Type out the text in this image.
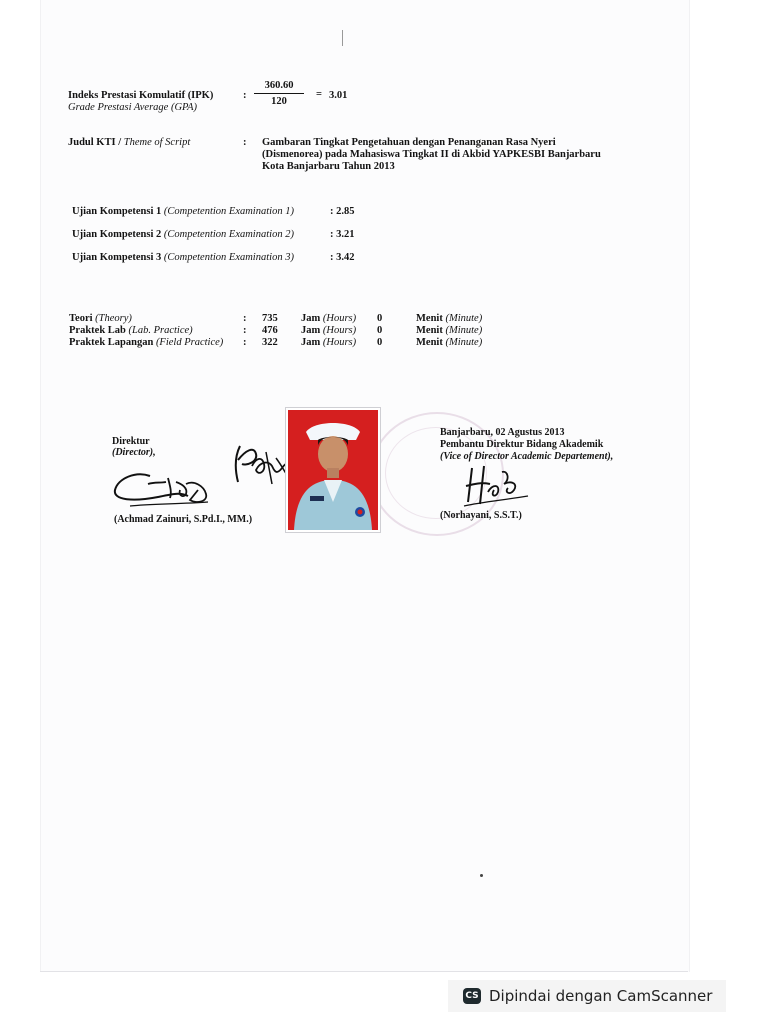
Indeks Prestasi Komulatif (IPK)
Grade Prestasi Average (GPA)
: $\frac{360.60}{120} = 3.01$
Judul KTI / Theme of Script	: Gambaran Tingkat Pengetahuan dengan Penanganan Rasa Nyeri
(Dismenorea) pada Mahasiswa Tingkat II di Akbid YAPKESBI Banjarbaru
Kota Banjarbaru Tahun 2013
Ujian Kompetensi 1 (Competention Examination 1)	: 2.85
Ujian Kompetensi 2 (Competention Examination 2)	: 3.21
Ujian Kompetensi 3 (Competention Examination 3)	: 3.42
Teori (Theory)	: 735 Jam (Hours) 0	Menit (Minute)
Praktek Lab (Lab. Practice)	: 476 Jam (Hours) 0	Menit (Minute)
Praktek Lapangan (Field Practice) : 322 Jam (Hours) 0	Menit (Minute)
Direktur
(Director),
(Achmad Zainuri, S.Pd.I., MM.)
Banjarbaru, 02 Agustus 2013
Pembantu Direktur Bidang Akademik
(Vice of Director Academic Departement),
(Norhayani, S.S.T.)
CS Dipindai dengan CamScanner
